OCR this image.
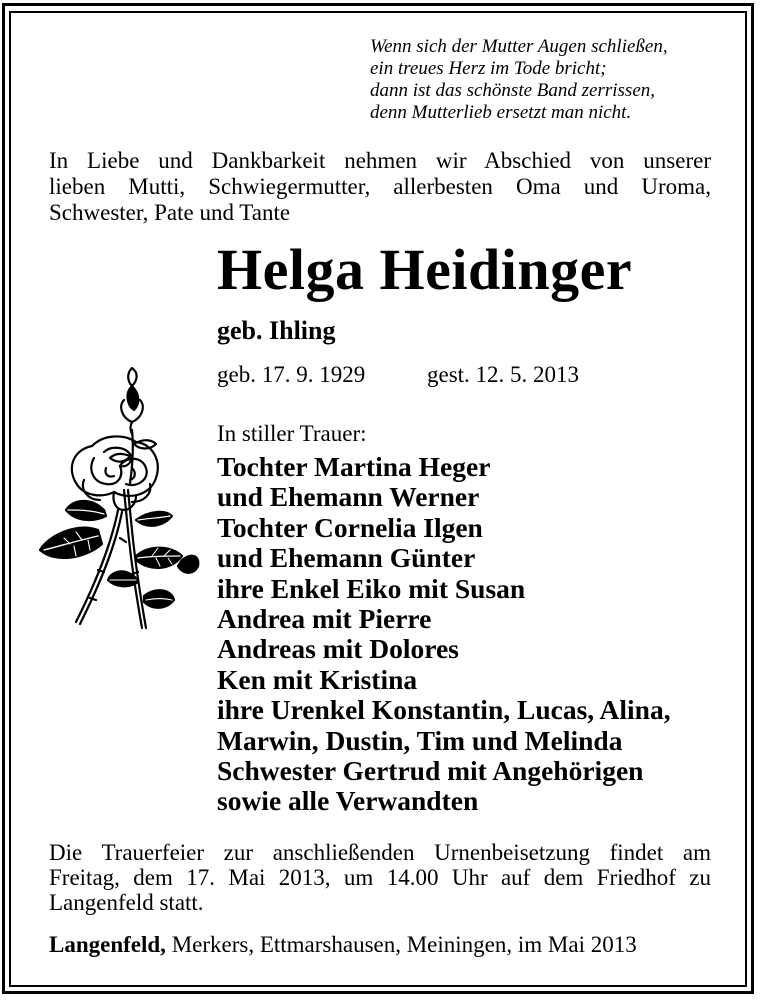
Wenn sich der Mutter Augen schließen,
ein treues Herz im Tode bricht;
dann ist das schönste Band zerrissen,
denn Mutterlieb ersetzt man nicht.
In Liebe und Dankbarkeit nehmen wir Abschied von unserer
lieben Mutti, Schwiegermutter, allerbesten Oma und Uroma,
Schwester, Pate und Tante
Helga Heidinger
geb. Ihling
geb. 17. 9. 1929	gest. 12. 5. 2013
In stiller Trauer:
Tochter Martina Heger
und Ehemann Werner
Tochter Cornelia Ilgen
und Ehemann Günter
ihre Enkel Eiko mit Susan
Andrea mit Pierre
Andreas mit Dolores
Ken mit Kristina
ihre Urenkel Konstantin, Lucas, Alina,
Marwin, Dustin, Tim und Melinda
Schwester Gertrud mit Angehörigen
sowie alle Verwandten
Die Trauerfeier zur anschließenden Urnenbeisetzung findet am
Freitag, dem 17. Mai 2013, um 14.00 Uhr auf dem Friedhof zu
Langenfeld statt.
Langenfeld, Merkers, Ettmarshausen, Meiningen, im Mai 2013
